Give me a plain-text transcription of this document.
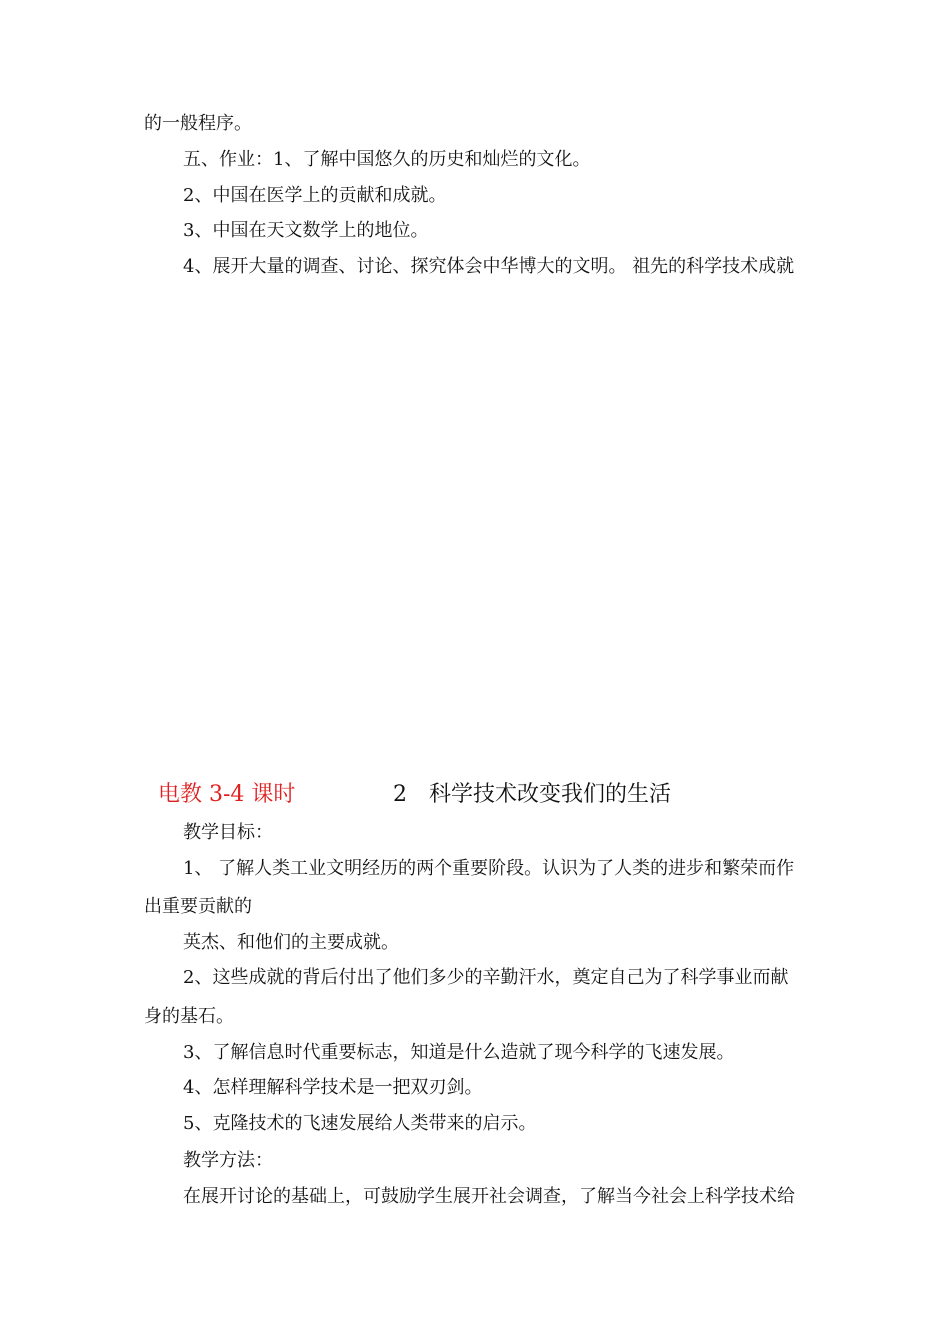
的一般程序。
五、作业：1、了解中国悠久的历史和灿烂的文化。
2、中国在医学上的贡献和成就。
3、中国在天文数学上的地位。
4、展开大量的调查、讨论、探究体会中华博大的文明。 祖先的科学技术成就
电教 3-4 课时	2　科学技术改变我们的生活
教学目标：
1、 了解人类工业文明经历的两个重要阶段。认识为了人类的进步和繁荣而作
出重要贡献的
英杰、和他们的主要成就。
2、这些成就的背后付出了他们多少的辛勤汗水，奠定自己为了科学事业而献
身的基石。
3、了解信息时代重要标志，知道是什么造就了现今科学的飞速发展。
4、怎样理解科学技术是一把双刃剑。
5、克隆技术的飞速发展给人类带来的启示。
教学方法：
在展开讨论的基础上，可鼓励学生展开社会调查，了解当今社会上科学技术给
